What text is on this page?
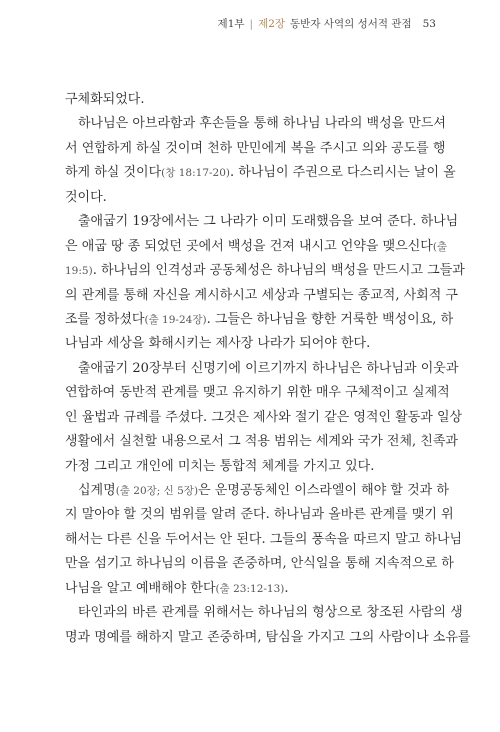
제1부 | 제2장 동반자 사역의 성서적 관점 53
구체화되었다.
하나님은 아브라함과 후손들을 통해 하나님 나라의 백성을 만드셔
서 연합하게 하실 것이며 천하 만민에게 복을 주시고 의와 공도를 행
하게 하실 것이다(창 18:17-20). 하나님이 주권으로 다스리시는 날이 올
것이다.
출애굽기 19장에서는 그 나라가 이미 도래했음을 보여 준다. 하나님
은 애굽 땅 종 되었던 곳에서 백성을 건져 내시고 언약을 맺으신다(출
19:5). 하나님의 인격성과 공동체성은 하나님의 백성을 만드시고 그들과
의 관계를 통해 자신을 계시하시고 세상과 구별되는 종교적, 사회적 구
조를 정하셨다(출 19-24장). 그들은 하나님을 향한 거룩한 백성이요, 하
나님과 세상을 화해시키는 제사장 나라가 되어야 한다.
출애굽기 20장부터 신명기에 이르기까지 하나님은 하나님과 이웃과
연합하여 동반적 관계를 맺고 유지하기 위한 매우 구체적이고 실제적
인 율법과 규례를 주셨다. 그것은 제사와 절기 같은 영적인 활동과 일상
생활에서 실천할 내용으로서 그 적용 범위는 세계와 국가 전체, 친족과
가정 그리고 개인에 미치는 통합적 체계를 가지고 있다.
십계명(출 20장; 신 5장)은 운명공동체인 이스라엘이 해야 할 것과 하
지 말아야 할 것의 범위를 알려 준다. 하나님과 올바른 관계를 맺기 위
해서는 다른 신을 두어서는 안 된다. 그들의 풍속을 따르지 말고 하나님
만을 섬기고 하나님의 이름을 존중하며, 안식일을 통해 지속적으로 하
나님을 알고 예배해야 한다(출 23:12-13).
타인과의 바른 관계를 위해서는 하나님의 형상으로 창조된 사람의 생
명과 명예를 해하지 말고 존중하며, 탐심을 가지고 그의 사람이나 소유를
